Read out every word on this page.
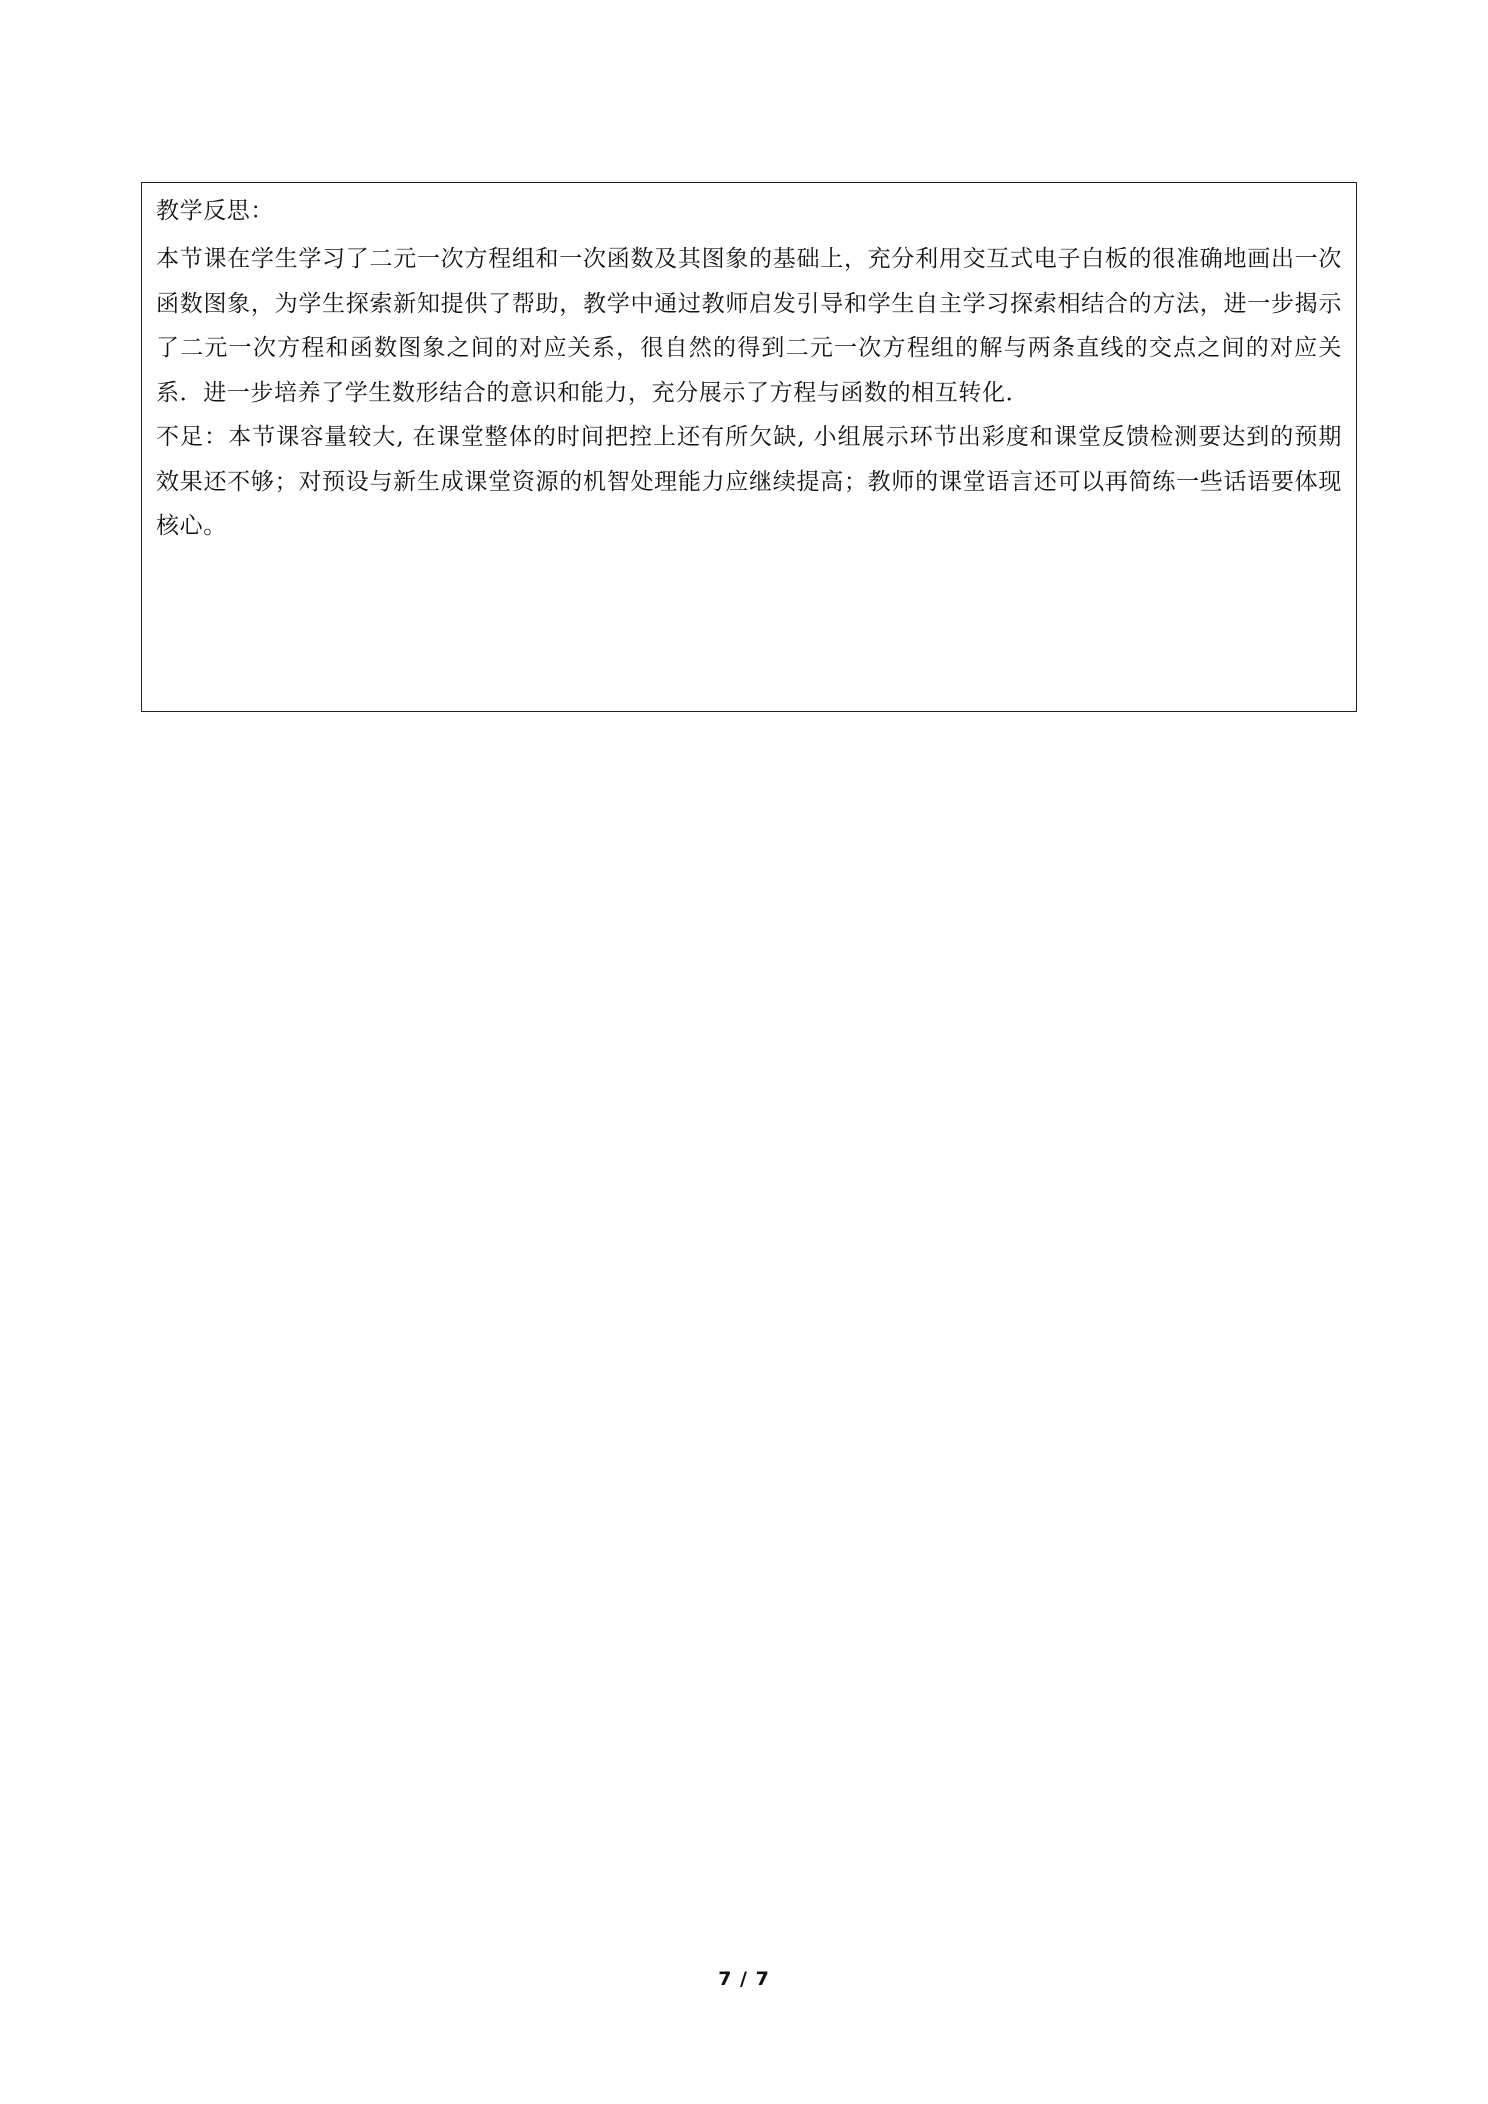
教学反思：

本节课在学生学习了二元一次方程组和一次函数及其图象的基础上，充分利用交互式电子白板的很准确地画出一次函数图象，为学生探索新知提供了帮助，教学中通过教师启发引导和学生自主学习探索相结合的方法，进一步揭示了二元一次方程和函数图象之间的对应关系，很自然的得到二元一次方程组的解与两条直线的交点之间的对应关系．进一步培养了学生数形结合的意识和能力，充分展示了方程与函数的相互转化．

不足：本节课容量较大, 在课堂整体的时间把控上还有所欠缺, 小组展示环节出彩度和课堂反馈检测要达到的预期效果还不够；对预设与新生成课堂资源的机智处理能力应继续提高；教师的课堂语言还可以再简练一些话语要体现核心。

7 / 7
